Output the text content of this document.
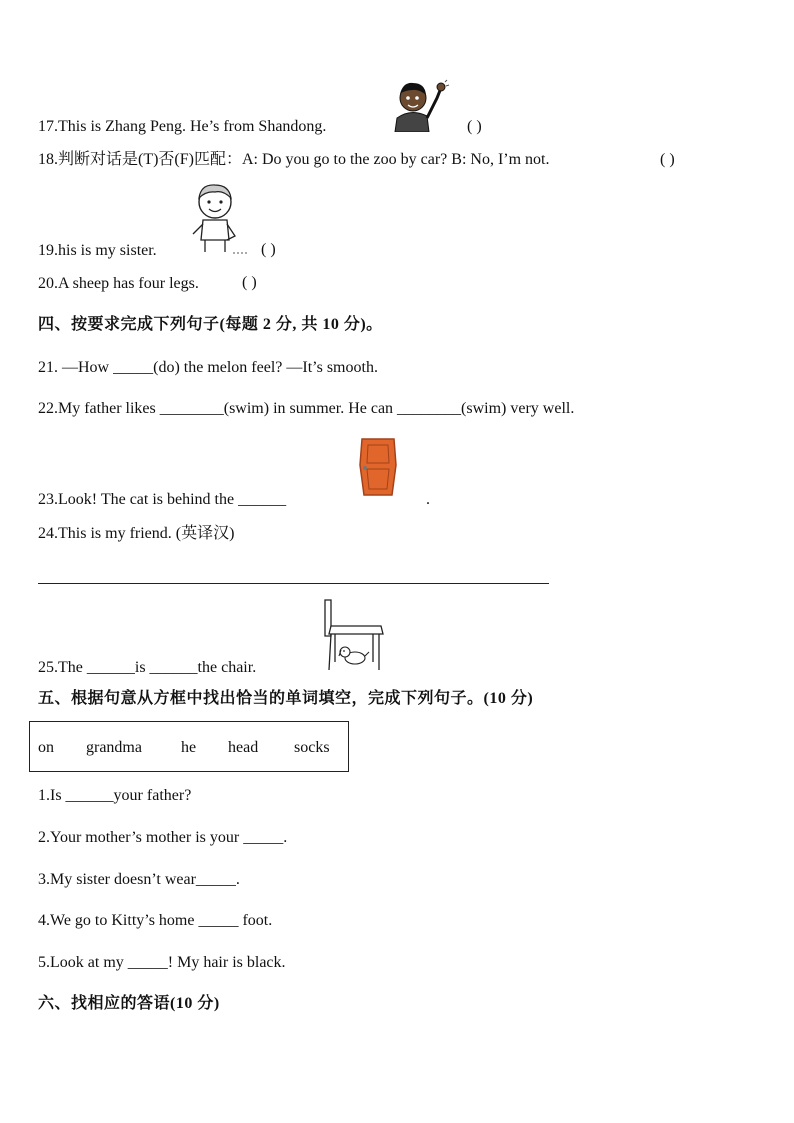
17.This is Zhang Peng. He’s from Shandong.	( )
18.判断对话是(T)否(F)匹配：A: Do you go to the zoo by car? B: No, I’m not.	( )
19.his is my sister.	( )
20.A sheep has four legs.	( )
四、按要求完成下列句子(每题 2 分, 共 10 分)。
21. —How _____(do) the melon feel? —It’s smooth.
22.My father likes ________(swim) in summer. He can ________(swim) very well.
23.Look! The cat is behind the ______	.
24.This is my friend. (英译汉)
25.The ______is ______the chair.
五、根据句意从方框中找出恰当的单词填空，完成下列句子。(10 分)
on grandma he head socks
1.Is ______your father?
2.Your mother’s mother is your _____.
3.My sister doesn’t wear_____.
4.We go to Kitty’s home _____ foot.
5.Look at my _____! My hair is black.
六、找相应的答语(10 分)
